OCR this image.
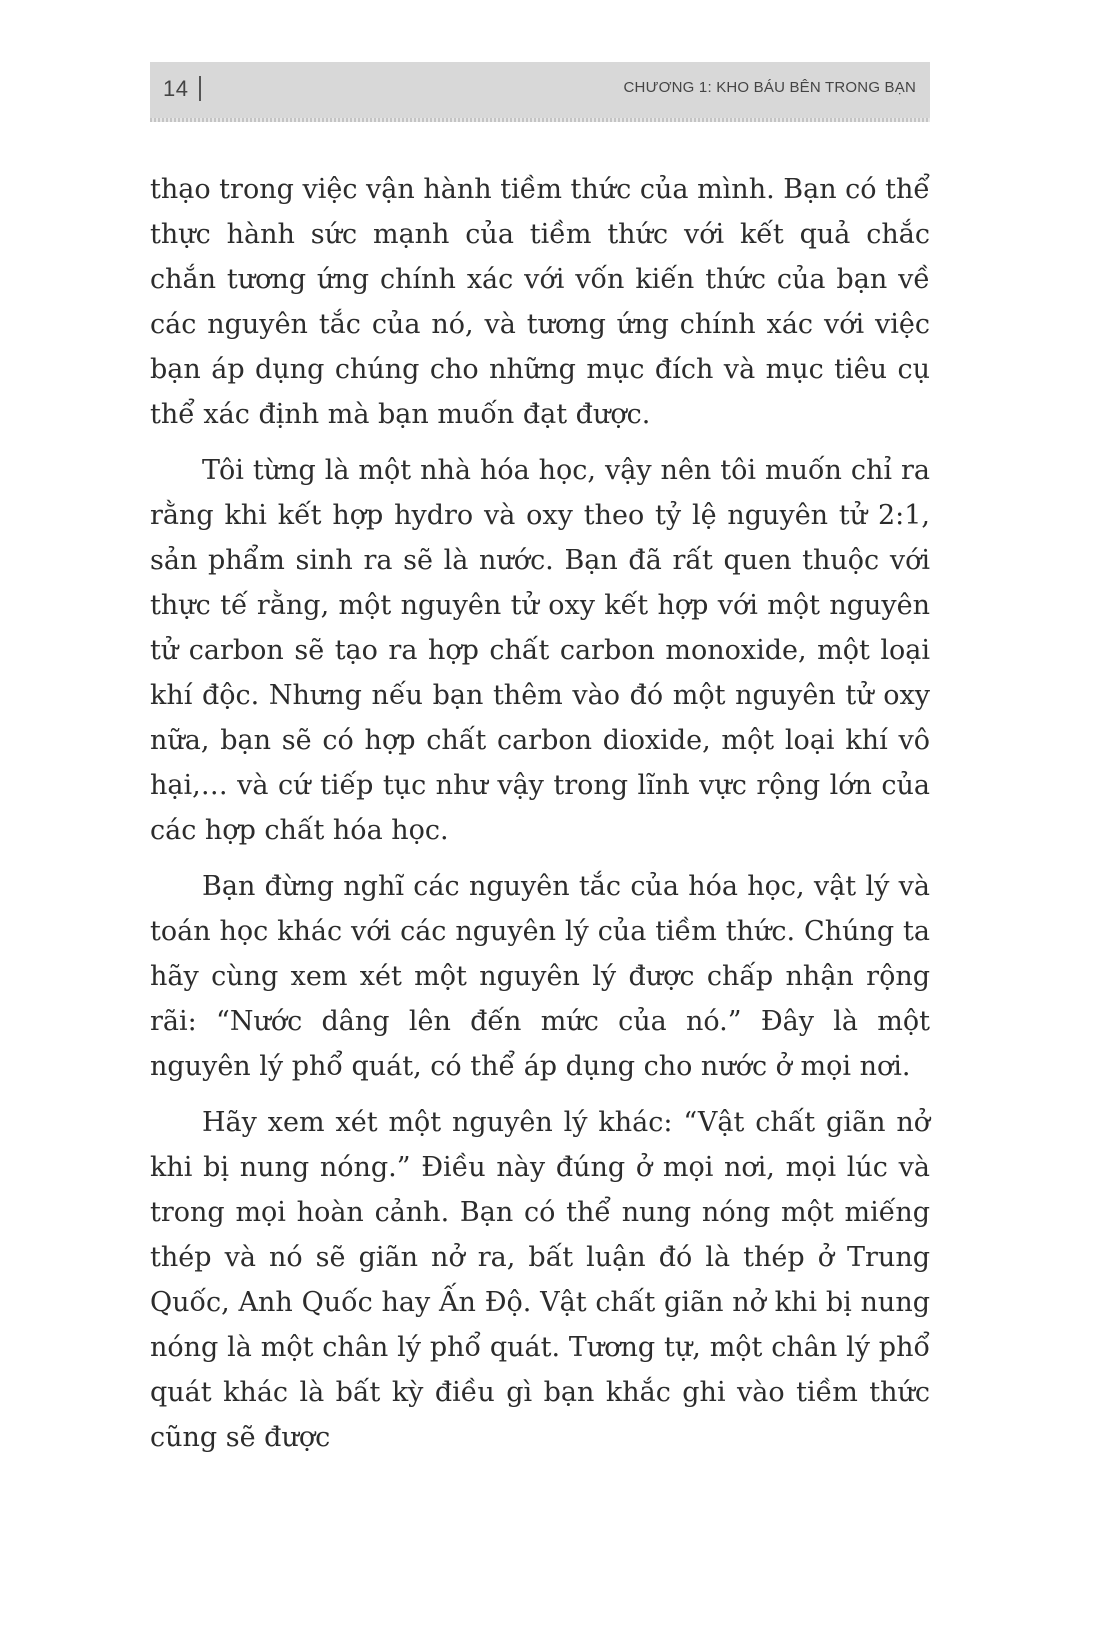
14	CHƯƠNG 1: KHO BÁU BÊN TRONG BẠN

thạo trong việc vận hành tiềm thức của mình. Bạn có thể thực hành sức mạnh của tiềm thức với kết quả chắc chắn tương ứng chính xác với vốn kiến thức của bạn về các nguyên tắc của nó, và tương ứng chính xác với việc bạn áp dụng chúng cho những mục đích và mục tiêu cụ thể xác định mà bạn muốn đạt được.

Tôi từng là một nhà hóa học, vậy nên tôi muốn chỉ ra rằng khi kết hợp hydro và oxy theo tỷ lệ nguyên tử 2:1, sản phẩm sinh ra sẽ là nước. Bạn đã rất quen thuộc với thực tế rằng, một nguyên tử oxy kết hợp với một nguyên tử carbon sẽ tạo ra hợp chất carbon monoxide, một loại khí độc. Nhưng nếu bạn thêm vào đó một nguyên tử oxy nữa, bạn sẽ có hợp chất carbon dioxide, một loại khí vô hại,… và cứ tiếp tục như vậy trong lĩnh vực rộng lớn của các hợp chất hóa học.

Bạn đừng nghĩ các nguyên tắc của hóa học, vật lý và toán học khác với các nguyên lý của tiềm thức. Chúng ta hãy cùng xem xét một nguyên lý được chấp nhận rộng rãi: “Nước dâng lên đến mức của nó.” Đây là một nguyên lý phổ quát, có thể áp dụng cho nước ở mọi nơi.

Hãy xem xét một nguyên lý khác: “Vật chất giãn nở khi bị nung nóng.” Điều này đúng ở mọi nơi, mọi lúc và trong mọi hoàn cảnh. Bạn có thể nung nóng một miếng thép và nó sẽ giãn nở ra, bất luận đó là thép ở Trung Quốc, Anh Quốc hay Ấn Độ. Vật chất giãn nở khi bị nung nóng là một chân lý phổ quát. Tương tự, một chân lý phổ quát khác là bất kỳ điều gì bạn khắc ghi vào tiềm thức cũng sẽ được
